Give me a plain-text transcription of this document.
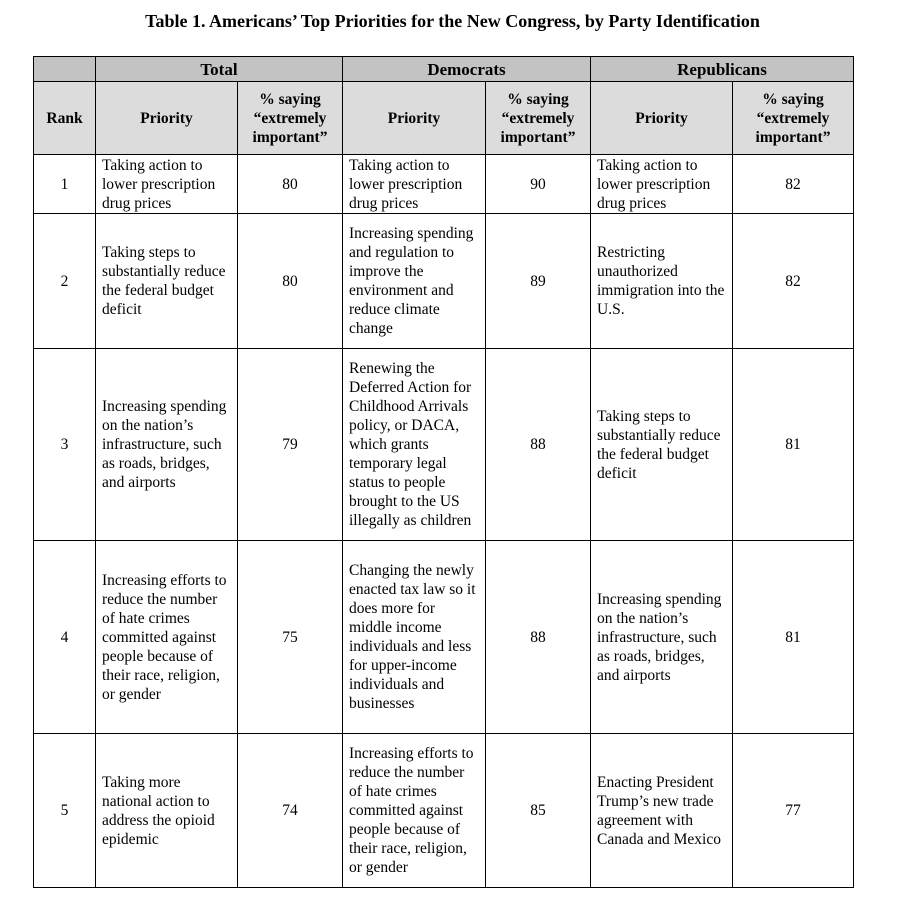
Table 1. Americans’ Top Priorities for the New Congress, by Party Identification
	Total		Democrats		Republicans	
Rank	Priority	% saying “extremely important”	Priority	% saying “extremely important”	Priority	% saying “extremely important”
1	Taking action to lower prescription drug prices	80	Taking action to lower prescription drug prices	90	Taking action to lower prescription drug prices	82
2	Taking steps to substantially reduce the federal budget deficit	80	Increasing spending and regulation to improve the environment and reduce climate change	89	Restricting unauthorized immigration into the U.S.	82
3	Increasing spending on the nation’s infrastructure, such as roads, bridges, and airports	79	Renewing the Deferred Action for Childhood Arrivals policy, or DACA, which grants temporary legal status to people brought to the US illegally as children	88	Taking steps to substantially reduce the federal budget deficit	81
4	Increasing efforts to reduce the number of hate crimes committed against people because of their race, religion, or gender	75	Changing the newly enacted tax law so it does more for middle income individuals and less for upper-income individuals and businesses	88	Increasing spending on the nation’s infrastructure, such as roads, bridges, and airports	81
5	Taking more national action to address the opioid epidemic	74	Increasing efforts to reduce the number of hate crimes committed against people because of their race, religion, or gender	85	Enacting President Trump’s new trade agreement with Canada and Mexico	77
